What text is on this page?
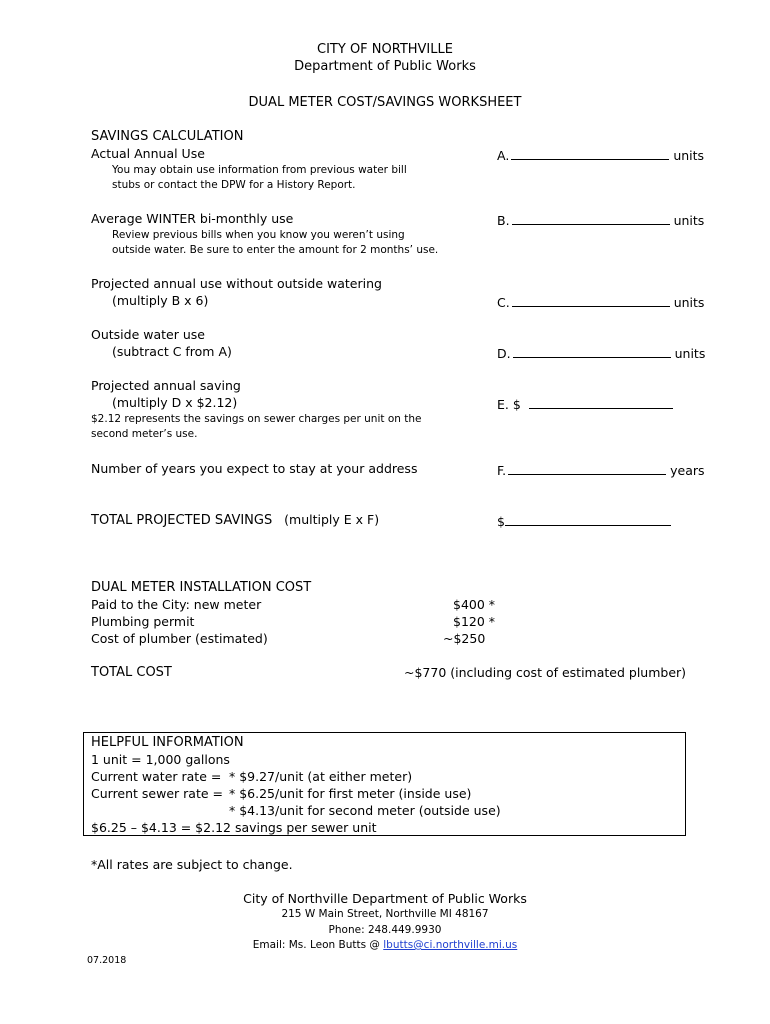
CITY OF NORTHVILLE
Department of Public Works
DUAL METER COST/SAVINGS WORKSHEET
SAVINGS CALCULATION
Actual Annual Use
You may obtain use information from previous water bill
stubs or contact the DPW for a History Report.
A.	units
Average WINTER bi-monthly use
Review previous bills when you know you weren’t using
outside water. Be sure to enter the amount for 2 months’ use.
B.	units
Projected annual use without outside watering
(multiply B x 6)	C.	units
Outside water use
(subtract C from A)	D.	units
Projected annual saving
(multiply D x $2.12)
$2.12 represents the savings on sewer charges per unit on the
second meter’s use.
E. $
Number of years you expect to stay at your address	F.	years
TOTAL PROJECTED SAVINGS (multiply E x F)	$
DUAL METER INSTALLATION COST
Paid to the City: new meter	$400 *
Plumbing permit	$120 *
Cost of plumber (estimated)	~$250
TOTAL COST	~$770 (including cost of estimated plumber)
HELPFUL INFORMATION
1 unit = 1,000 gallons
Current water rate = * $9.27/unit (at either meter)
Current sewer rate = * $6.25/unit for first meter (inside use)
* $4.13/unit for second meter (outside use)
$6.25 – $4.13 = $2.12 savings per sewer unit
*All rates are subject to change.
City of Northville Department of Public Works
215 W Main Street, Northville MI 48167
Phone: 248.449.9930
Email: Ms. Leon Butts @ lbutts@ci.northville.mi.us
07.2018
